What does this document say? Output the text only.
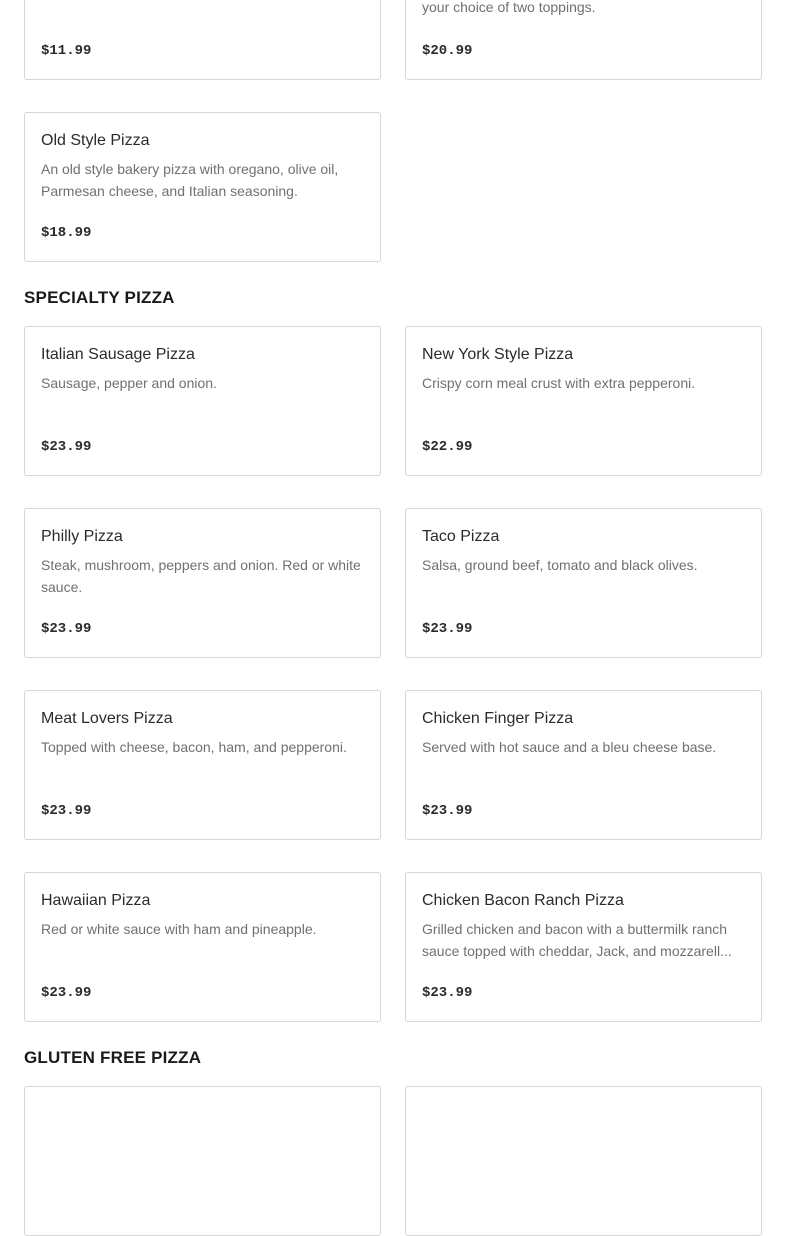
$11.99
your choice of two toppings.
$20.99
Old Style Pizza
An old style bakery pizza with oregano, olive oil, Parmesan cheese, and Italian seasoning.
$18.99
SPECIALTY PIZZA
Italian Sausage Pizza
Sausage, pepper and onion.
$23.99
New York Style Pizza
Crispy corn meal crust with extra pepperoni.
$22.99
Philly Pizza
Steak, mushroom, peppers and onion. Red or white sauce.
$23.99
Taco Pizza
Salsa, ground beef, tomato and black olives.
$23.99
Meat Lovers Pizza
Topped with cheese, bacon, ham, and pepperoni.
$23.99
Chicken Finger Pizza
Served with hot sauce and a bleu cheese base.
$23.99
Hawaiian Pizza
Red or white sauce with ham and pineapple.
$23.99
Chicken Bacon Ranch Pizza
Grilled chicken and bacon with a buttermilk ranch sauce topped with cheddar, Jack, and mozzarell...
$23.99
GLUTEN FREE PIZZA
